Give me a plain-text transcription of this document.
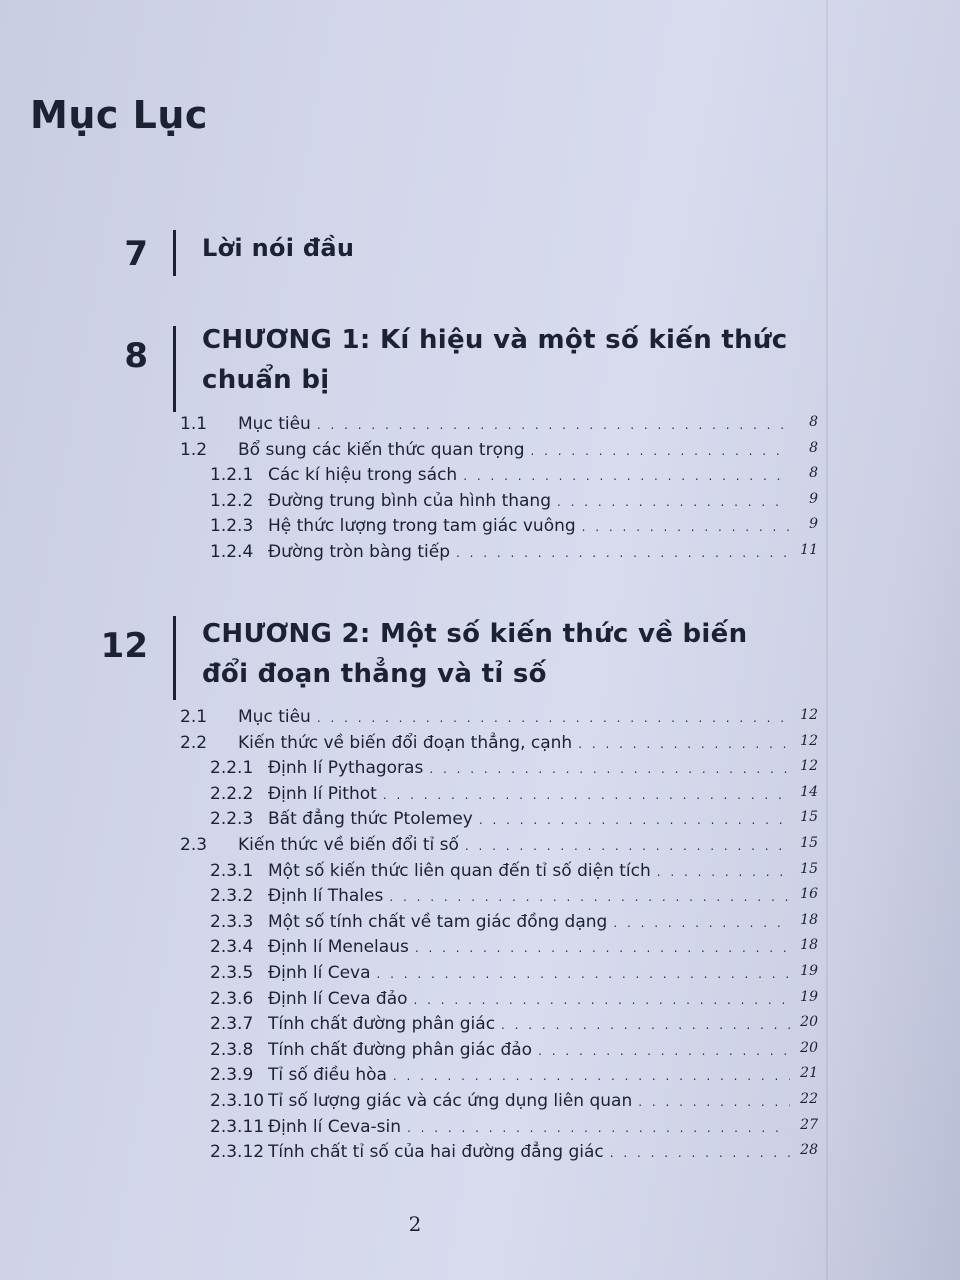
Mục Lục
7 Lời nói đầu
8 CHƯƠNG 1: Kí hiệu và một số kiến thức chuẩn bị
1.1 Mục tiêu . . .	8
1.2 Bổ sung các kiến thức quan trọng . . .	8
1.2.1 Các kí hiệu trong sách . . .	8
1.2.2 Đường trung bình của hình thang . . .	9
1.2.3 Hệ thức lượng trong tam giác vuông . . .	9
1.2.4 Đường tròn bàng tiếp . . .	11
12 CHƯƠNG 2: Một số kiến thức về biến đổi đoạn thẳng và tỉ số
2.1 Mục tiêu . . .	12
2.2 Kiến thức về biến đổi đoạn thẳng, cạnh . . .	12
2.2.1 Định lí Pythagoras . . .	12
2.2.2 Định lí Pithot . . .	14
2.2.3 Bất đẳng thức Ptolemey . . .	15
2.3 Kiến thức về biến đổi tỉ số . . .	15
2.3.1 Một số kiến thức liên quan đến tỉ số diện tích . . .	15
2.3.2 Định lí Thales . . .	16
2.3.3 Một số tính chất về tam giác đồng dạng . . .	18
2.3.4 Định lí Menelaus . . .	18
2.3.5 Định lí Ceva . . .	19
2.3.6 Định lí Ceva đảo . . .	19
2.3.7 Tính chất đường phân giác . . .	20
2.3.8 Tính chất đường phân giác đảo . . .	20
2.3.9 Tỉ số điều hòa . . .	21
2.3.10 Tỉ số lượng giác và các ứng dụng liên quan . . .	22
2.3.11 Định lí Ceva-sin . . .	27
2.3.12 Tính chất tỉ số của hai đường đẳng giác . . .	28
2
